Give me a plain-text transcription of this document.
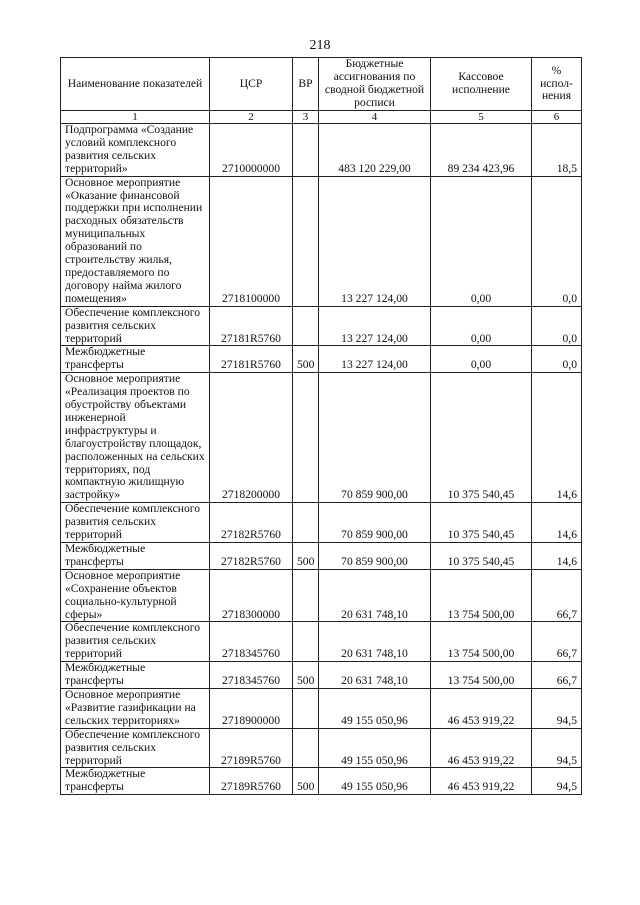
218
Наименование показателей	ЦСР	ВР	Бюджетные ассигнования по сводной бюджетной росписи	Кассовое исполнение	% испол-нения
1	2	3	4	5	6
Подпрограмма «Создание условий комплексного развития сельских территорий»	2710000000		483 120 229,00	89 234 423,96	18,5
Основное мероприятие «Оказание финансовой поддержки при исполнении расходных обязательств муниципальных образований по строительству жилья, предоставляемого по договору найма жилого помещения»	2718100000		13 227 124,00	0,00	0,0
Обеспечение комплексного развития сельских территорий	27181R5760		13 227 124,00	0,00	0,0
Межбюджетные трансферты	27181R5760	500	13 227 124,00	0,00	0,0
Основное мероприятие «Реализация проектов по обустройству объектами инженерной инфраструктуры и благоустройству площадок, расположенных на сельских территориях, под компактную жилищную застройку»	2718200000		70 859 900,00	10 375 540,45	14,6
Обеспечение комплексного развития сельских территорий	27182R5760		70 859 900,00	10 375 540,45	14,6
Межбюджетные трансферты	27182R5760	500	70 859 900,00	10 375 540,45	14,6
Основное мероприятие «Сохранение объектов социально-культурной сферы»	2718300000		20 631 748,10	13 754 500,00	66,7
Обеспечение комплексного развития сельских территорий	2718345760		20 631 748,10	13 754 500,00	66,7
Межбюджетные трансферты	2718345760	500	20 631 748,10	13 754 500,00	66,7
Основное мероприятие «Развитие газификации на сельских территориях»	2718900000		49 155 050,96	46 453 919,22	94,5
Обеспечение комплексного развития сельских территорий	27189R5760		49 155 050,96	46 453 919,22	94,5
Межбюджетные трансферты	27189R5760	500	49 155 050,96	46 453 919,22	94,5
